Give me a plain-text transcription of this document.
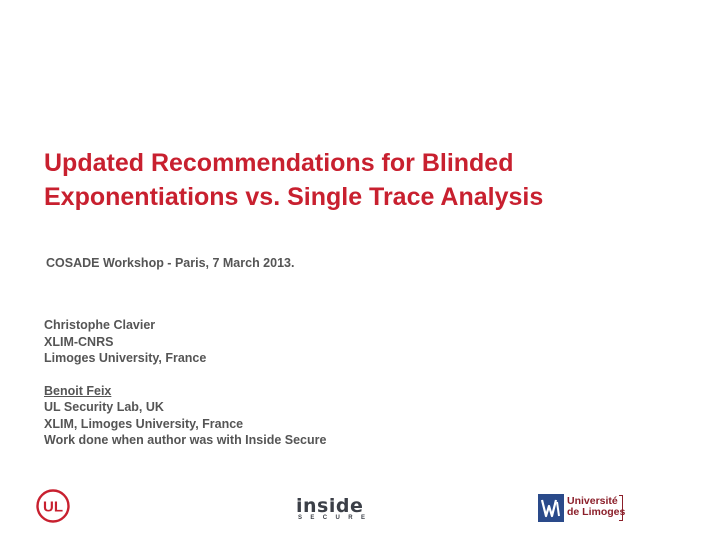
Updated Recommendations for Blinded
Exponentiations vs. Single Trace Analysis
COSADE Workshop - Paris, 7 March 2013.
Christophe Clavier
XLIM-CNRS
Limoges University, France
Benoit Feix
UL Security Lab, UK
XLIM, Limoges University, France
Work done when author was with Inside Secure
UL	inside
SECURE
Université
de Limoges
